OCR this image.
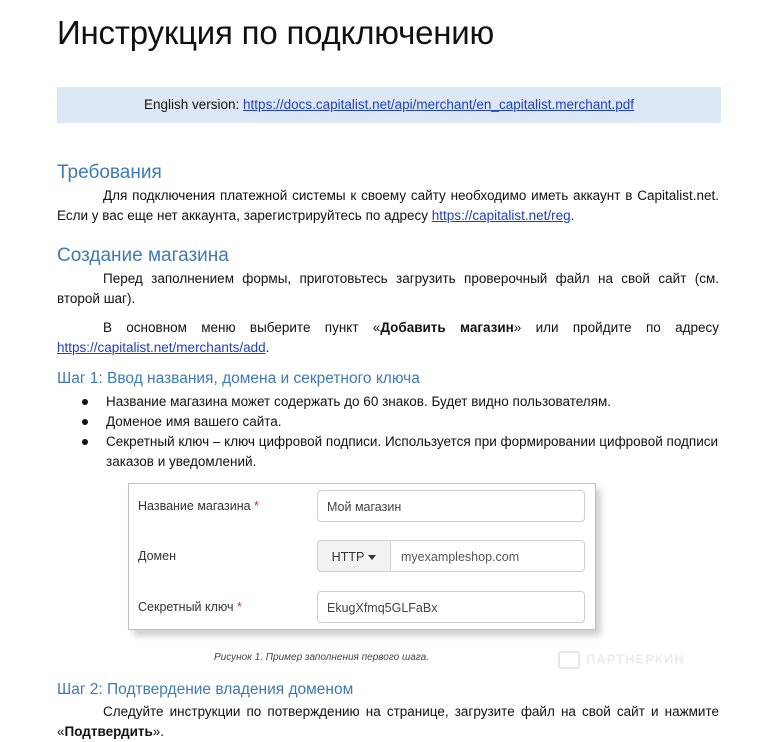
Инструкция по подключению
English version: https://docs.capitalist.net/api/merchant/en_capitalist.merchant.pdf
Требования
Для подключения платежной системы к своему сайту необходимо иметь аккаунт в Capitalist.net. Если у вас еще нет аккаунта, зарегистрируйтесь по адресу https://capitalist.net/reg.
Создание магазина
Перед заполнением формы, приготовьтесь загрузить проверочный файл на свой сайт (см. второй шаг).
В основном меню выберите пункт «Добавить магазин» или пройдите по адресу https://capitalist.net/merchants/add.
Шаг 1: Ввод названия, домена и секретного ключа
Название магазина может содержать до 60 знаков. Будет видно пользователям.
Доменое имя вашего сайта.
Секретный ключ – ключ цифровой подписи. Используется при формировании цифровой подписи заказов и уведомлений.
Шаг 2: Подтвердение владения доменом
Следуйте инструкции по потверждению на странице, загрузите файл на свой сайт и нажмите «Подтвердить».
Название магазина *	Мой магазин
Домен	HTTP	myexampleshop.com
Секретный ключ *	EkugXfmq5GLFaBx
Рисунок 1. Пример заполнения первого шага.	ПАРТНЕРКИН
